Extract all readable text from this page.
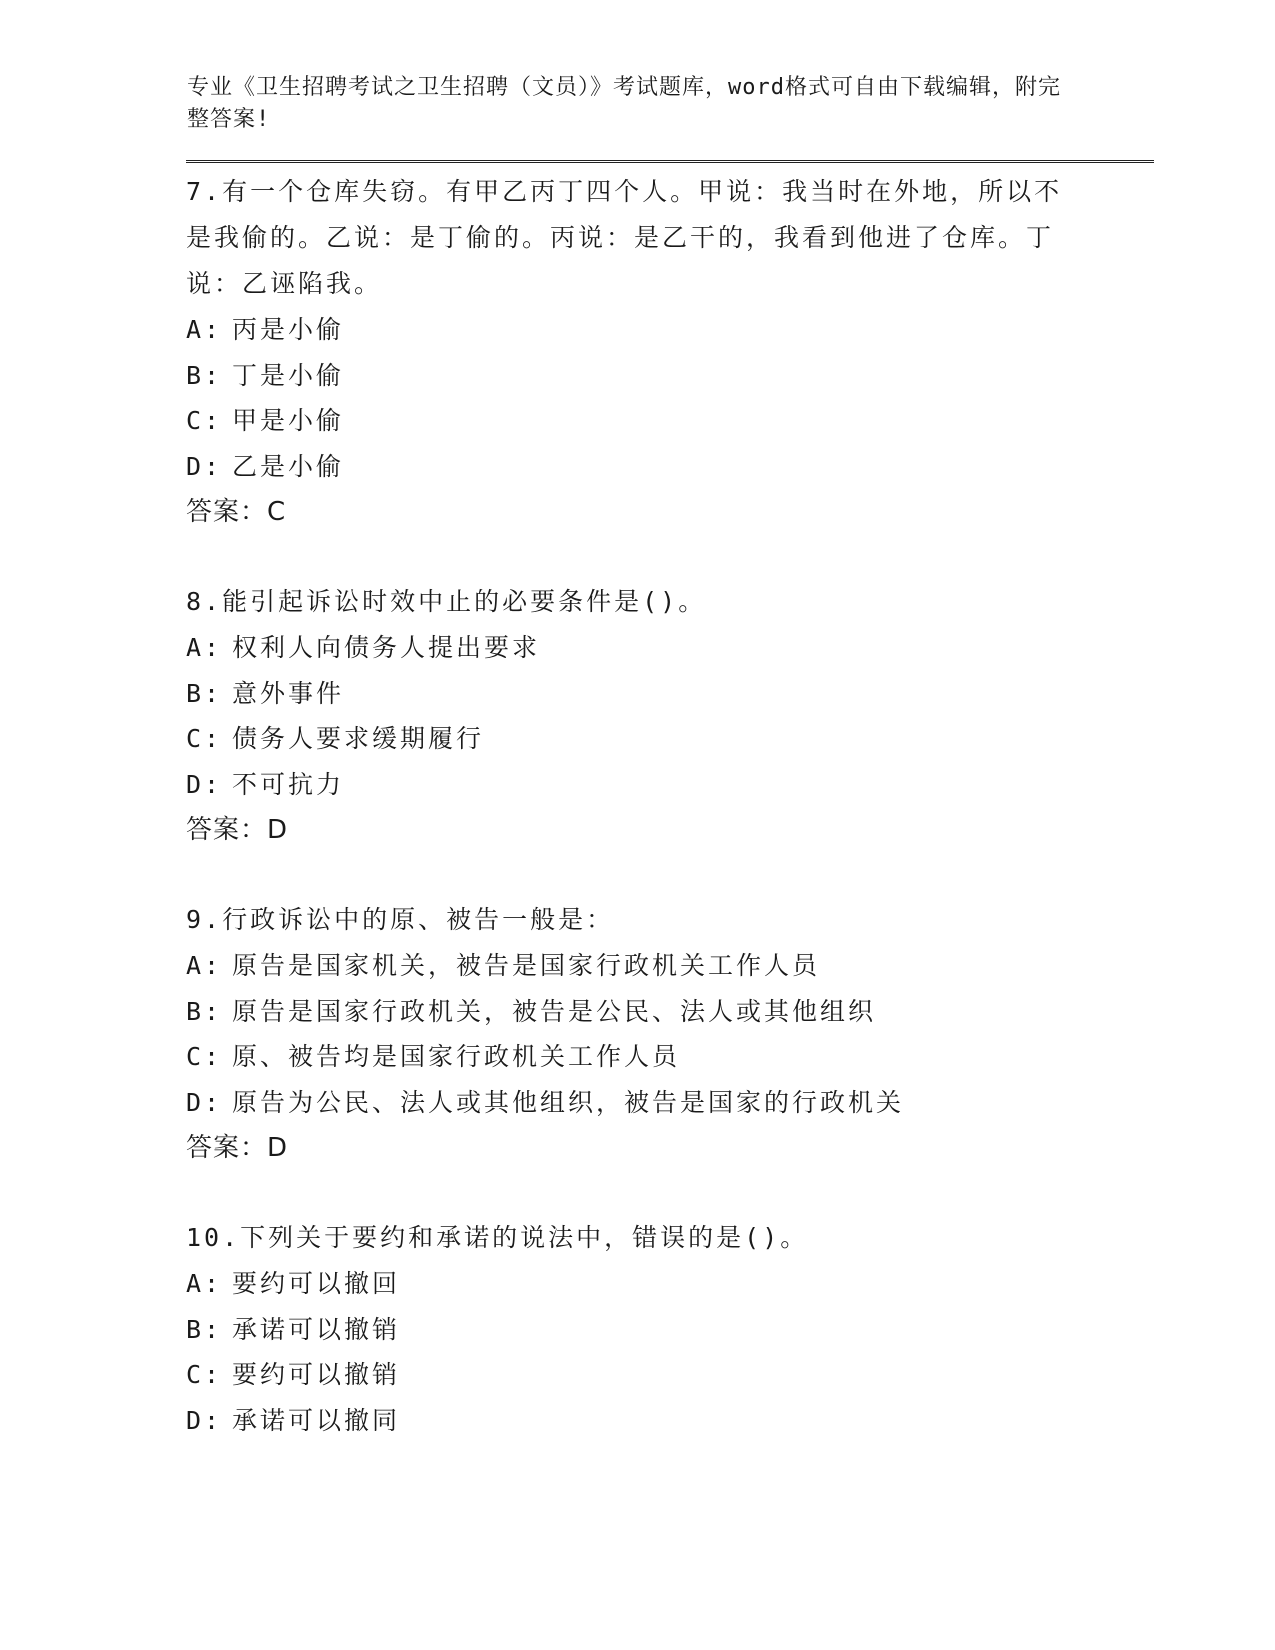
专业《卫生招聘考试之卫生招聘（文员）》考试题库，word格式可自由下载编辑，附完整答案!
7.有一个仓库失窃。有甲乙丙丁四个人。甲说：我当时在外地，所以不是我偷的。乙说：是丁偷的。丙说：是乙干的，我看到他进了仓库。丁说：乙诬陷我。
A: 丙是小偷
B: 丁是小偷
C: 甲是小偷
D: 乙是小偷
答案：C
8.能引起诉讼时效中止的必要条件是()。
A: 权利人向债务人提出要求
B: 意外事件
C: 债务人要求缓期履行
D: 不可抗力
答案：D
9.行政诉讼中的原、被告一般是：
A: 原告是国家机关，被告是国家行政机关工作人员
B: 原告是国家行政机关，被告是公民、法人或其他组织
C: 原、被告均是国家行政机关工作人员
D: 原告为公民、法人或其他组织，被告是国家的行政机关
答案：D
10.下列关于要约和承诺的说法中，错误的是()。
A: 要约可以撤回
B: 承诺可以撤销
C: 要约可以撤销
D: 承诺可以撤同
